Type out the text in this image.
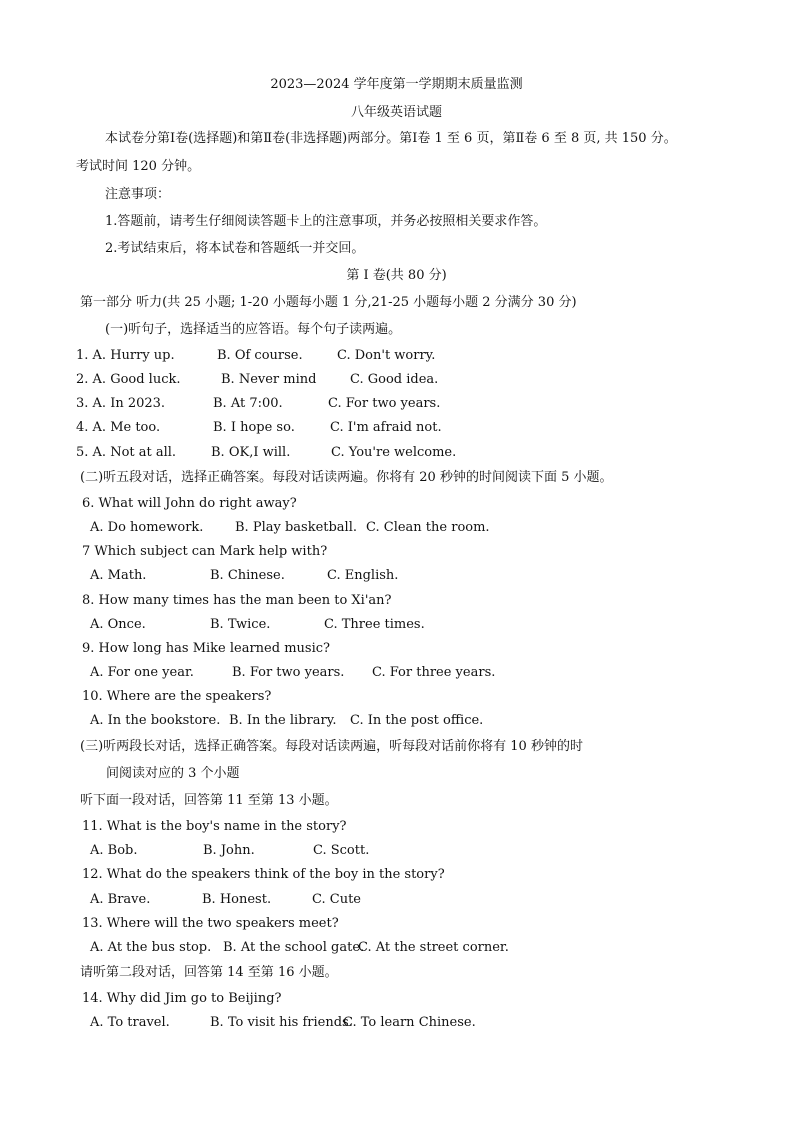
2023—2024 学年度第一学期期末质量监测
八年级英语试题
本试卷分第Ⅰ卷(选择题)和第Ⅱ卷(非选择题)两部分。第Ⅰ卷 1 至 6 页，第Ⅱ卷 6 至 8 页, 共 150 分。
考试时间 120 分钟。
注意事项：
1.答题前，请考生仔细阅读答题卡上的注意事项，并务必按照相关要求作答。
2.考试结束后，将本试卷和答题纸一并交回。
第 Ⅰ 卷(共 80 分)
第一部分 听力(共 25 小题; 1-20 小题每小题 1 分,21-25 小题每小题 2 分满分 30 分)
(一)听句子，选择适当的应答语。每个句子读两遍。
1. A. Hurry up.	B. Of course.	C. Don't worry.
2. A. Good luck.	B. Never mind	C. Good idea.
3. A. In 2023.	B. At 7:00.	C. For two years.
4. A. Me too.	B. I hope so.	C. I'm afraid not.
5. A. Not at all.	B. OK,I will.	C. You're welcome.
(二)听五段对话，选择正确答案。每段对话读两遍。你将有 20 秒钟的时间阅读下面 5 小题。
6. What will John do right away?
A. Do homework. B. Play basketball. C. Clean the room.
7 Which subject can Mark help with?
A. Math.	B. Chinese.	C. English.
8. How many times has the man been to Xi'an?
A. Once.	B. Twice.	C. Three times.
9. How long has Mike learned music?
A. For one year.	B. For two years. C. For three years.
10. Where are the speakers?
A. In the bookstore. B. In the library. C. In the post office.
(三)听两段长对话，选择正确答案。每段对话读两遍，听每段对话前你将有 10 秒钟的时
间阅读对应的 3 个小题
听下面一段对话，回答第 11 至第 13 小题。
11. What is the boy's name in the story?
A. Bob.	B. John.	C. Scott.
12. What do the speakers think of the boy in the story?
A. Brave.	B. Honest.	C. Cute
13. Where will the two speakers meet?
A. At the bus stop. B. At the school gate.
C. At the street corner.
请听第二段对话，回答第 14 至第 16 小题。
14. Why did Jim go to Beijing?
A. To travel.	B. To visit his friends.
C. To learn Chinese.
